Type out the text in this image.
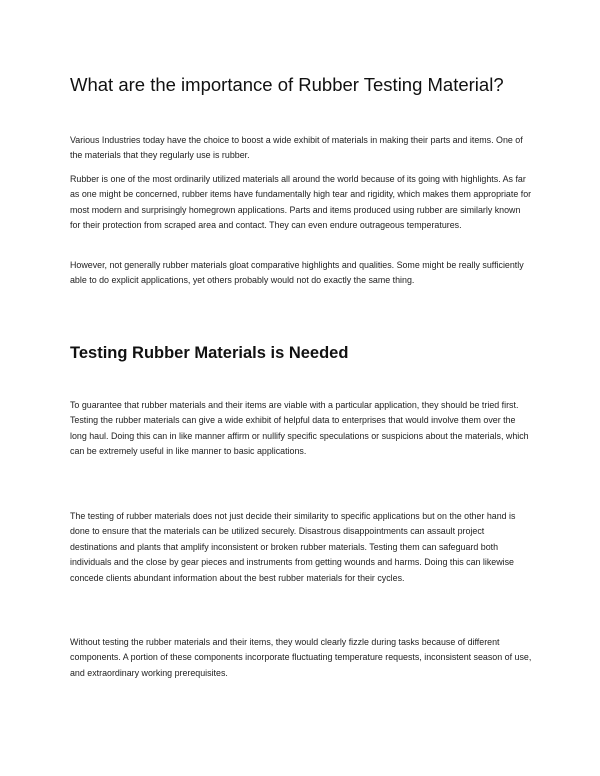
What are the importance of Rubber Testing Material?

Various Industries today have the choice to boost a wide exhibit of materials in making their parts and items. One of the materials that they regularly use is rubber.

Rubber is one of the most ordinarily utilized materials all around the world because of its going with highlights. As far as one might be concerned, rubber items have fundamentally high tear and rigidity, which makes them appropriate for most modern and surprisingly homegrown applications. Parts and items produced using rubber are similarly known for their protection from scraped area and contact. They can even endure outrageous temperatures.

However, not generally rubber materials gloat comparative highlights and qualities. Some might be really sufficiently able to do explicit applications, yet others probably would not do exactly the same thing.

Testing Rubber Materials is Needed

To guarantee that rubber materials and their items are viable with a particular application, they should be tried first. Testing the rubber materials can give a wide exhibit of helpful data to enterprises that would involve them over the long haul. Doing this can in like manner affirm or nullify specific speculations or suspicions about the materials, which can be extremely useful in like manner to basic applications.

The testing of rubber materials does not just decide their similarity to specific applications but on the other hand is done to ensure that the materials can be utilized securely. Disastrous disappointments can assault project destinations and plants that amplify inconsistent or broken rubber materials. Testing them can safeguard both individuals and the close by gear pieces and instruments from getting wounds and harms. Doing this can likewise concede clients abundant information about the best rubber materials for their cycles.

Without testing the rubber materials and their items, they would clearly fizzle during tasks because of different components. A portion of these components incorporate fluctuating temperature requests, inconsistent season of use, and extraordinary working prerequisites.
